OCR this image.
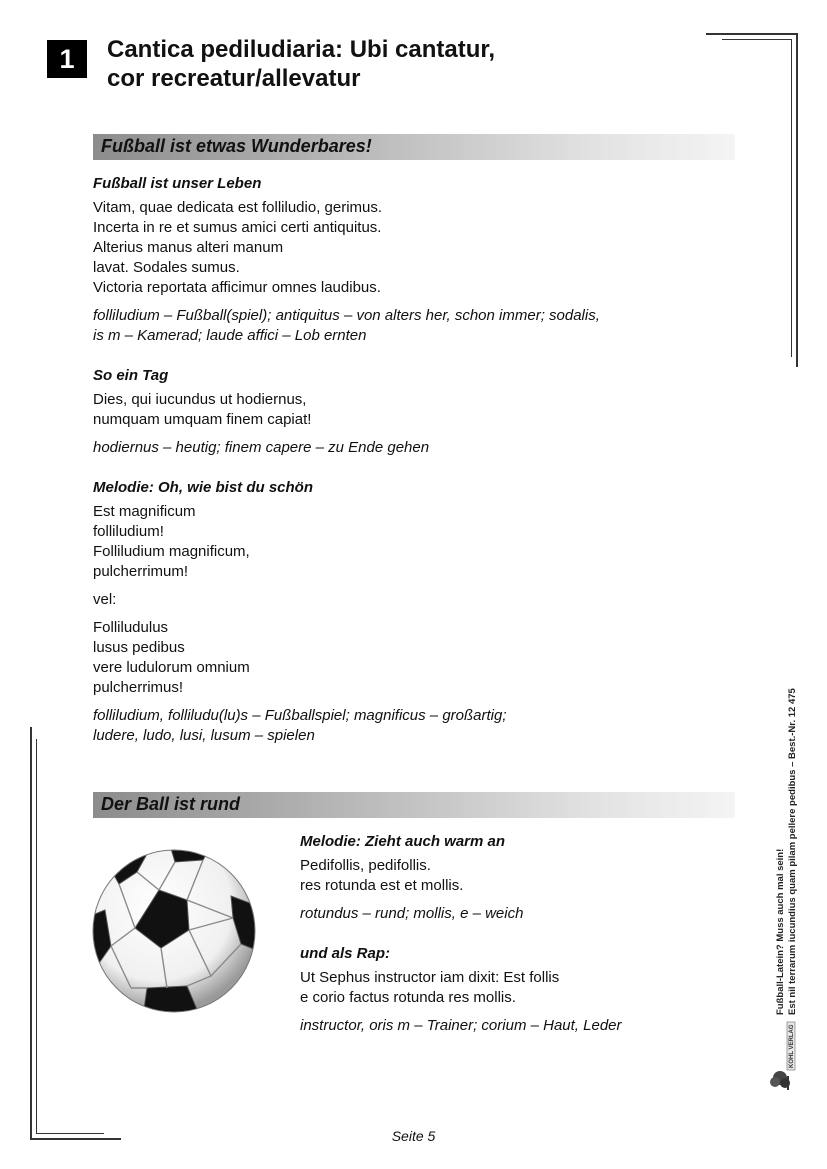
1 Cantica pediludiaria: Ubi cantatur,
cor recreatur/allevatur
Fußball ist etwas Wunderbares!
Fußball ist unser Leben
Vitam, quae dedicata est folliludio, gerimus.
Incerta in re et sumus amici certi antiquitus.
Alterius manus alteri manum
lavat. Sodales sumus.
Victoria reportata afficimur omnes laudibus.
folliludium – Fußball(spiel); antiquitus – von alters her, schon immer; sodalis,
is m – Kamerad; laude affici – Lob ernten
So ein Tag
Dies, qui iucundus ut hodiernus,
numquam umquam finem capiat!
hodiernus – heutig; finem capere – zu Ende gehen
Melodie: Oh, wie bist du schön
Est magnificum
folliludium!
Folliludium magnificum,
pulcherrimum!
vel:
Folliludulus
lusus pedibus
vere ludulorum omnium
pulcherrimus!
folliludium, folliludu(lu)s – Fußballspiel; magnificus – großartig;
ludere, ludo, lusi, lusum – spielen
Der Ball ist rund
Melodie: Zieht auch warm an
Pedifollis, pedifollis.
res rotunda est et mollis.
rotundus – rund; mollis, e – weich
und als Rap:
Ut Sephus instructor iam dixit: Est follis
e corio factus rotunda res mollis.
instructor, oris m – Trainer; corium – Haut, Leder
Fußball-Latein? Muss auch mal sein! Est nil terrarum iucundius quam pilam pellere pedibus – Best.-Nr. 12 475
KOHL VERLAG
Seite 5
